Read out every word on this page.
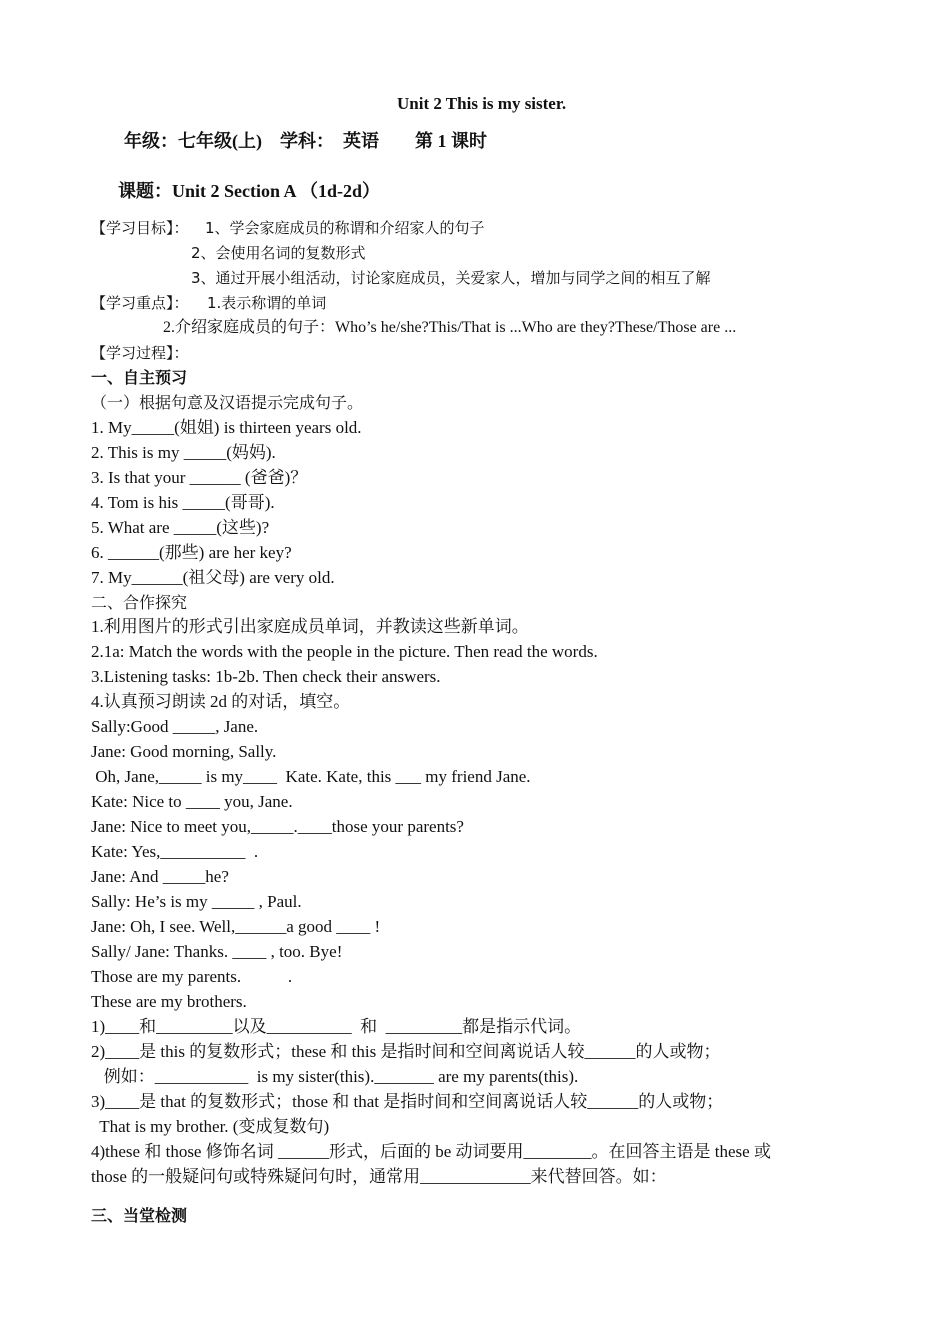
Unit 2 This is my sister.
年级：七年级(上)    学科：  英语        第 1 课时
课题：Unit 2 Section A （1d-2d）
【学习目标】： 1、学会家庭成员的称谓和介绍家人的句子
2、会使用名词的复数形式
3、通过开展小组活动，讨论家庭成员，关爱家人，增加与同学之间的相互了解
【学习重点】： 1.表示称谓的单词
2.介绍家庭成员的句子：Who’s he/she?This/That is ...Who are they?These/Those are ...
【学习过程】：
一、自主预习
（一）根据句意及汉语提示完成句子。
1. My_____(姐姐) is thirteen years old.
2. This is my _____(妈妈).
3. Is that your ______ (爸爸)？
4. Tom is his _____(哥哥).
5. What are _____(这些)?
6. ______(那些) are her key?
7. My______(祖父母) are very old.
二、合作探究
1.利用图片的形式引出家庭成员单词，并教读这些新单词。
2.1a: Match the words with the people in the picture. Then read the words.
3.Listening tasks: 1b-2b. Then check their answers.
4.认真预习朗读 2d 的对话，填空。
Sally:Good _____, Jane.
Jane: Good morning, Sally.
Oh, Jane,_____ is my____  Kate. Kate, this ___ my friend Jane.
Kate: Nice to ____ you, Jane.
Jane: Nice to meet you,_____.____those your parents?
Kate: Yes,__________  .
Jane: And _____he?
Sally: He’s is my _____ , Paul.
Jane: Oh, I see. Well,______a good ____ !
Sally/ Jane: Thanks. ____ , too. Bye!
Those are my parents.           .
These are my brothers.
1)____和_________以及__________  和  _________都是指示代词。
2)____是 this 的复数形式；these 和 this 是指时间和空间离说话人较______的人或物；
例如：___________  is my sister(this)._______ are my parents(this).
3)____是 that 的复数形式；those 和 that 是指时间和空间离说话人较______的人或物；
That is my brother. (变成复数句)
4)these 和 those 修饰名词 ______形式，后面的 be 动词要用________。在回答主语是 these 或
those 的一般疑问句或特殊疑问句时，通常用_____________来代替回答。如：
三、当堂检测
